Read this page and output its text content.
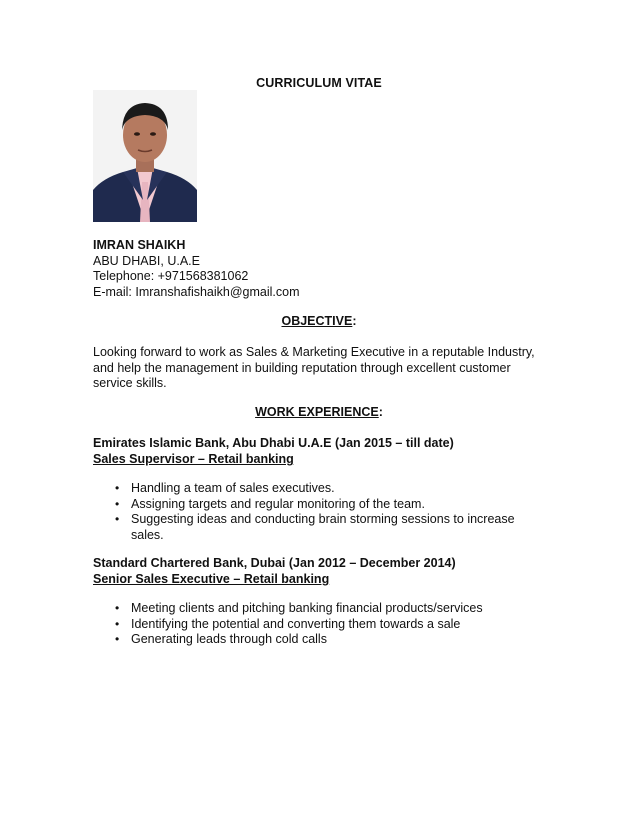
CURRICULUM VITAE
IMRAN SHAIKH
ABU DHABI, U.A.E
Telephone: +971568381062
E-mail: Imranshafishaikh@gmail.com
OBJECTIVE:
Looking forward to work as Sales & Marketing Executive in a reputable Industry, and help the management in building reputation through excellent customer service skills.
WORK EXPERIENCE:
Emirates Islamic Bank, Abu Dhabi U.A.E (Jan 2015 – till date)
Sales Supervisor – Retail banking
• Handling a team of sales executives.
• Assigning targets and regular monitoring of the team.
• Suggesting ideas and conducting brain storming sessions to increase sales.
Standard Chartered Bank, Dubai (Jan 2012 – December 2014)
Senior Sales Executive – Retail banking
• Meeting clients and pitching banking financial products/services
• Identifying the potential and converting them towards a sale
• Generating leads through cold calls
